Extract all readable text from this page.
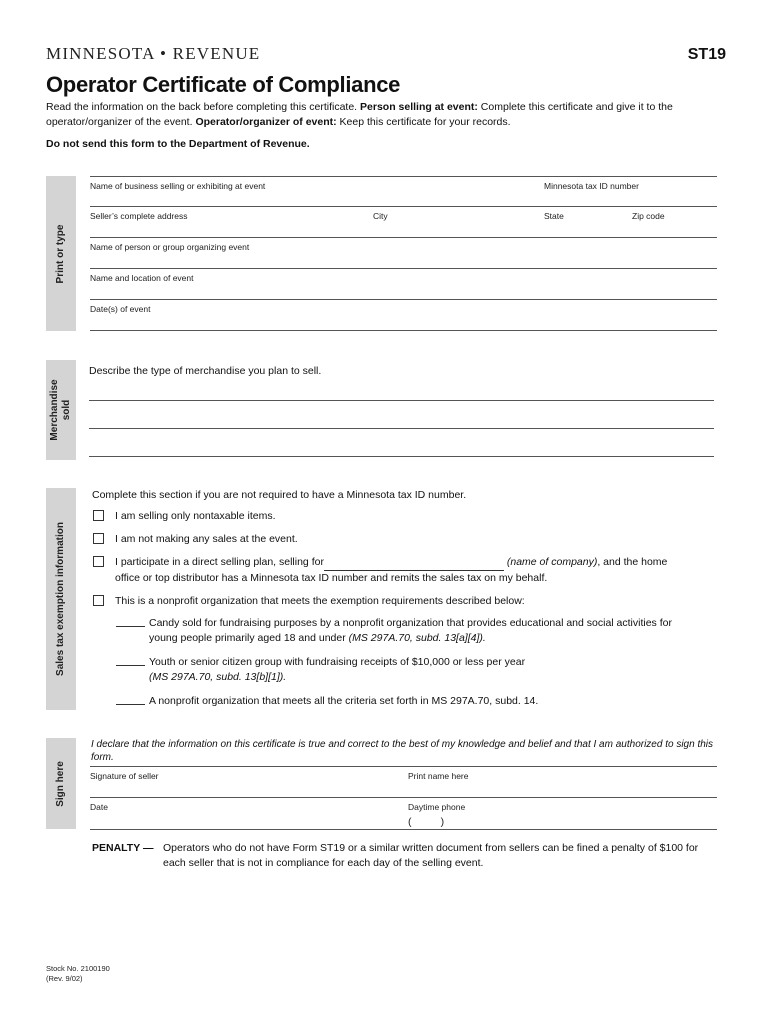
MINNESOTA • REVENUE	ST19
Operator Certificate of Compliance
Read the information on the back before completing this certificate. Person selling at event: Complete this certificate and give it to the operator/organizer of the event. Operator/organizer of event: Keep this certificate for your records.
Do not send this form to the Department of Revenue.
Print or type
Name of business selling or exhibiting at event	Minnesota tax ID number
Seller’s complete address	City	State	Zip code
Name of person or group organizing event
Name and location of event
Date(s) of event
Merchandise sold
Describe the type of merchandise you plan to sell.
Sales tax exemption information
Complete this section if you are not required to have a Minnesota tax ID number.
I am selling only nontaxable items.
I am not making any sales at the event.
I participate in a direct selling plan, selling for	(name of company), and the home
office or top distributor has a Minnesota tax ID number and remits the sales tax on my behalf.
This is a nonprofit organization that meets the exemption requirements described below:
Candy sold for fundraising purposes by a nonprofit organization that provides educational and social activities for
young people primarily aged 18 and under (MS 297A.70, subd. 13[a][4]).
Youth or senior citizen group with fundraising receipts of $10,000 or less per year
(MS 297A.70, subd. 13[b][1]).
A nonprofit organization that meets all the criteria set forth in MS 297A.70, subd. 14.
Sign here
I declare that the information on this certificate is true and correct to the best of my knowledge and belief and that I am authorized to sign this form.
Signature of seller	Print name here
Date	Daytime phone
(          )
PENALTY — Operators who do not have Form ST19 or a similar written document from sellers can be fined a penalty of $100 for each seller that is not in compliance for each day of the selling event.
Stock No. 2100190
(Rev. 9/02)
